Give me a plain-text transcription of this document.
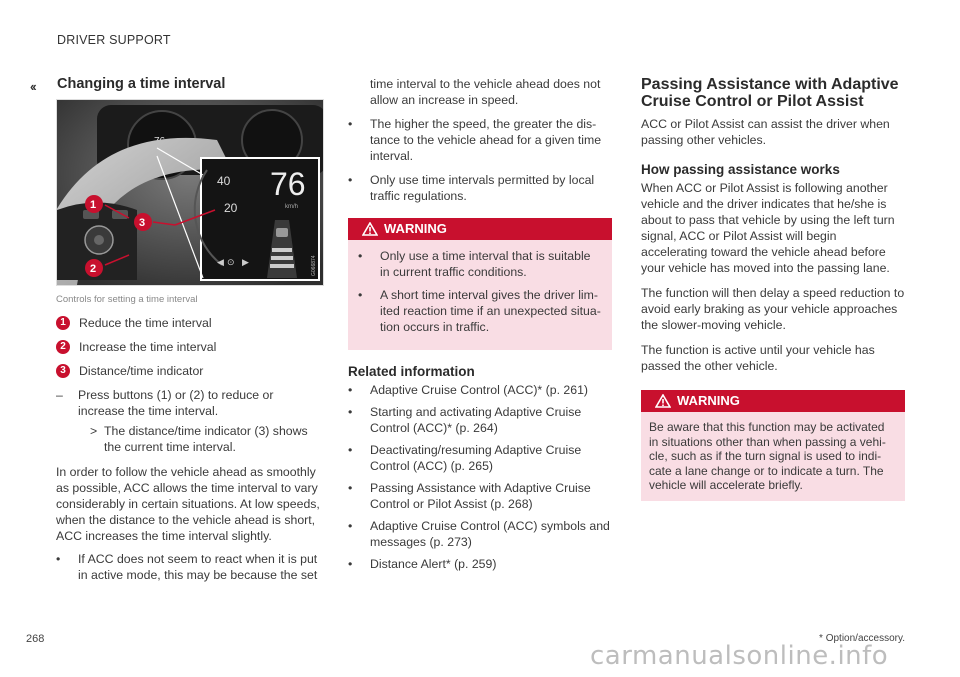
DRIVER SUPPORT
‹‹ Changing a time interval
40
20
76
km/h
◀ ▶
⊙	G066874
1
2
3
Controls for setting a time interval
1	Reduce the time interval
2	Increase the time interval
3	Distance/time indicator
–	Press buttons (1) or (2) to reduce or increase the time interval.
> The distance/time indicator (3) shows the current time interval.

In order to follow the vehicle ahead as smoothly as possible, ACC allows the time interval to vary considerably in certain situations. At low speeds, when the distance to the vehicle ahead is short, ACC increases the time interval slightly.

•	If ACC does not seem to react when it is put in active mode, this may be because the set

time interval to the vehicle ahead does not allow an increase in speed.

•	The higher the speed, the greater the dis-tance to the vehicle ahead for a given time interval.
•	Only use time intervals permitted by local traffic regulations.
WARNING
•	Only use a time interval that is suitable in current traffic conditions.
•	A short time interval gives the driver lim-ited reaction time if an unexpected situa-tion occurs in traffic.
Related information
•	Adaptive Cruise Control (ACC)* (p. 261)
•	Starting and activating Adaptive Cruise Control (ACC)* (p. 264)
•	Deactivating/resuming Adaptive Cruise Control (ACC) (p. 265)
•	Passing Assistance with Adaptive Cruise Control or Pilot Assist (p. 268)
•	Adaptive Cruise Control (ACC) symbols and messages (p. 273)
•	Distance Alert* (p. 259)
Passing Assistance with Adaptive Cruise Control or Pilot Assist

ACC or Pilot Assist can assist the driver when passing other vehicles.

How passing assistance works

When ACC or Pilot Assist is following another vehicle and the driver indicates that he/she is about to pass that vehicle by using the left turn signal, ACC or Pilot Assist will begin accelerating toward the vehicle ahead before your vehicle has moved into the passing lane.

The function will then delay a speed reduction to avoid early braking as your vehicle approaches the slower-moving vehicle.

The function is active until your vehicle has passed the other vehicle.

WARNING
Be aware that this function may be activated in situations other than when passing a vehi-cle, such as if the turn signal is used to indi-cate a lane change or to indicate a turn. The vehicle will accelerate briefly.
268	* Option/accessory.
carmanualsonline.info
